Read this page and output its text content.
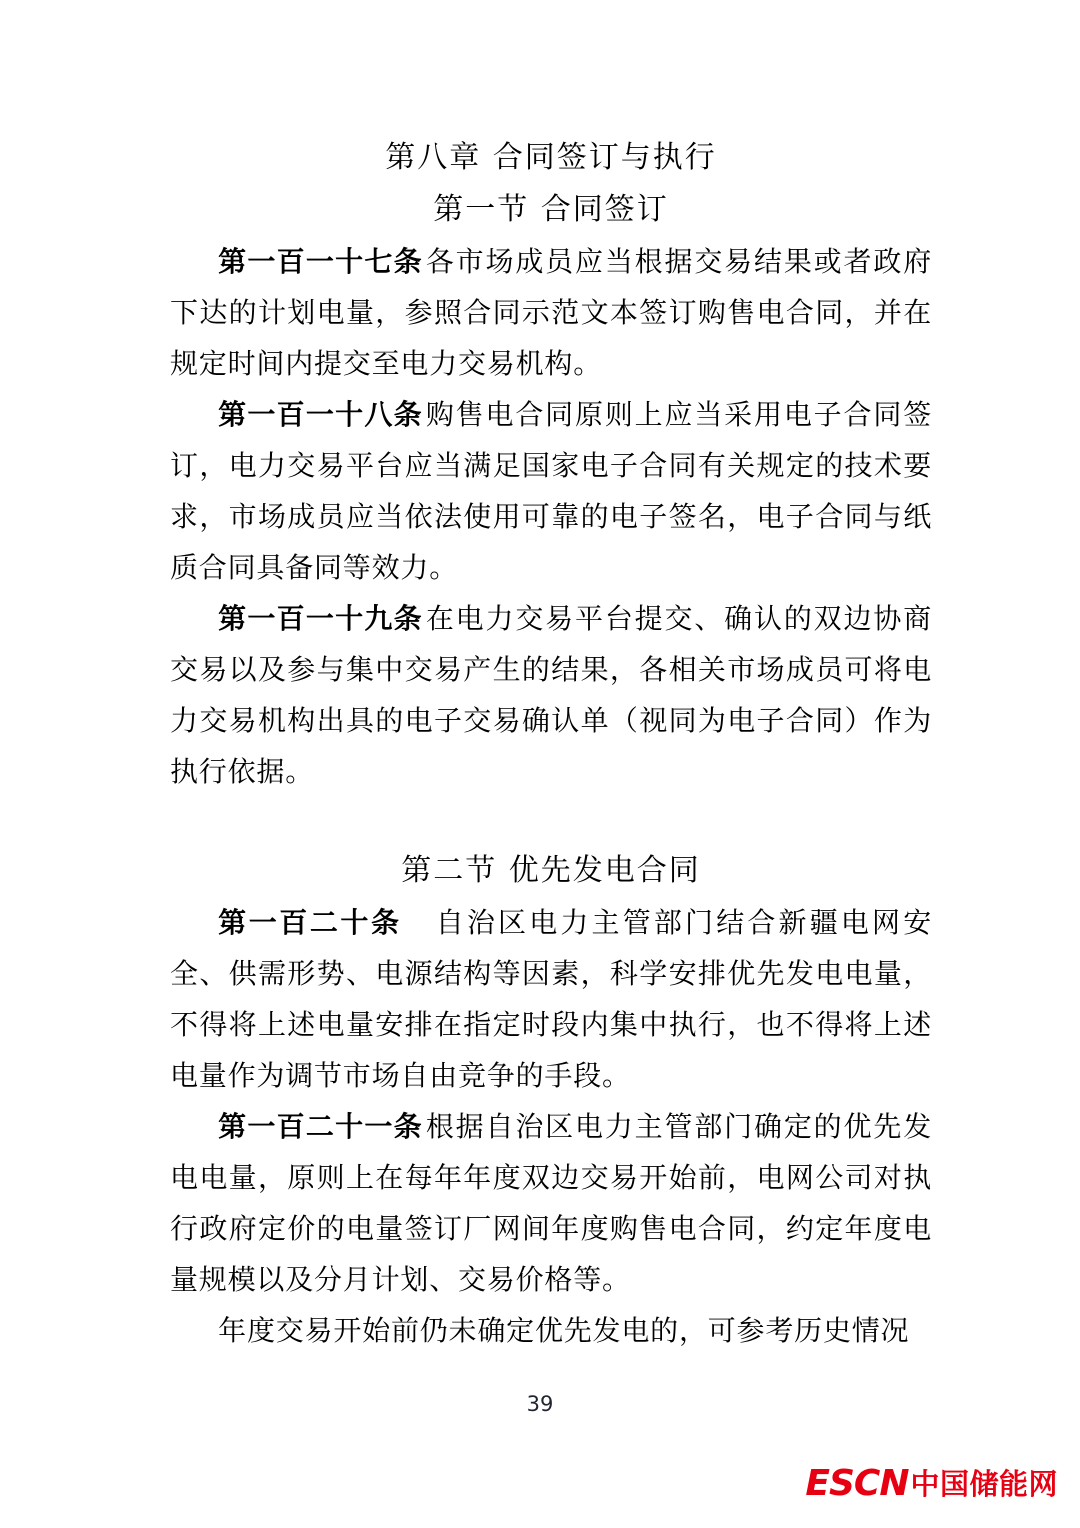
第八章 合同签订与执行
第一节 合同签订

第一百一十七条 各市场成员应当根据交易结果或者政府下达的计划电量，参照合同示范文本签订购售电合同，并在规定时间内提交至电力交易机构。

第一百一十八条 购售电合同原则上应当采用电子合同签订，电力交易平台应当满足国家电子合同有关规定的技术要求，市场成员应当依法使用可靠的电子签名，电子合同与纸质合同具备同等效力。

第一百一十九条 在电力交易平台提交、确认的双边协商交易以及参与集中交易产生的结果，各相关市场成员可将电力交易机构出具的电子交易确认单（视同为电子合同）作为执行依据。

第二节 优先发电合同

第一百二十条　自治区电力主管部门结合新疆电网安全、供需形势、电源结构等因素，科学安排优先发电电量，不得将上述电量安排在指定时段内集中执行，也不得将上述电量作为调节市场自由竞争的手段。

第一百二十一条 根据自治区电力主管部门确定的优先发电电量，原则上在每年年度双边交易开始前，电网公司对执行政府定价的电量签订厂网间年度购售电合同，约定年度电量规模以及分月计划、交易价格等。

年度交易开始前仍未确定优先发电的，可参考历史情况

39
ESCN 中国储能网
